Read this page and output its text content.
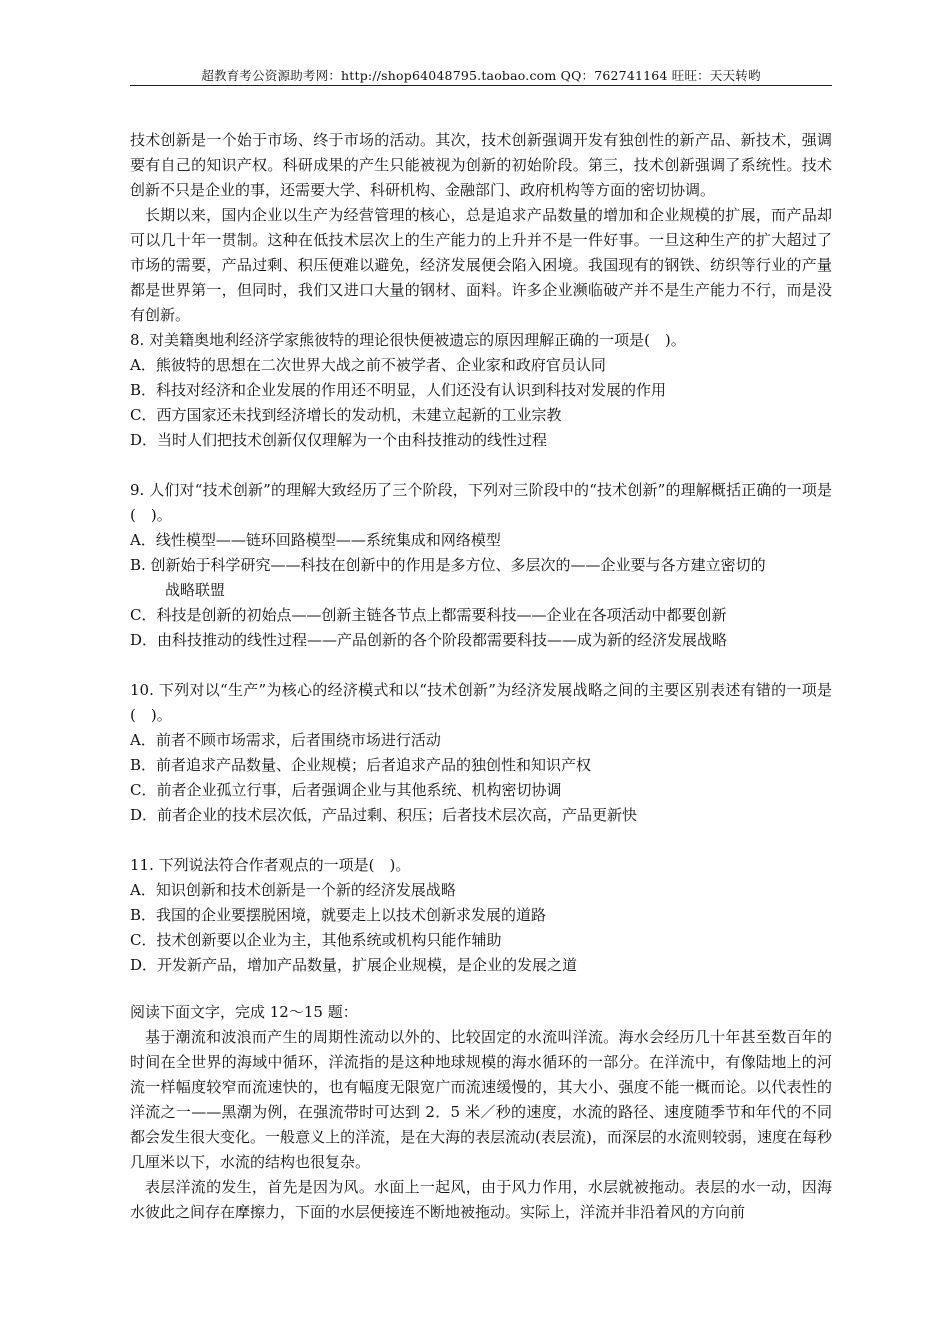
超教育考公资源助考网：http://shop64048795.taobao.com QQ：762741164 旺旺：天天转哟

技术创新是一个始于市场、终于市场的活动。其次，技术创新强调开发有独创性的新产品、新技术，强调要有自己的知识产权。科研成果的产生只能被视为创新的初始阶段。第三，技术创新强调了系统性。技术创新不只是企业的事，还需要大学、科研机构、金融部门、政府机构等方面的密切协调。

长期以来，国内企业以生产为经营管理的核心，总是追求产品数量的增加和企业规模的扩展，而产品却可以几十年一贯制。这种在低技术层次上的生产能力的上升并不是一件好事。一旦这种生产的扩大超过了市场的需要，产品过剩、积压便难以避免，经济发展便会陷入困境。我国现有的钢铁、纺织等行业的产量都是世界第一，但同时，我们又进口大量的钢材、面料。许多企业濒临破产并不是生产能力不行，而是没有创新。

8. 对美籍奥地利经济学家熊彼特的理论很快便被遗忘的原因理解正确的一项是(　)。

A．熊彼特的思想在二次世界大战之前不被学者、企业家和政府官员认同

B．科技对经济和企业发展的作用还不明显，人们还没有认识到科技对发展的作用

C．西方国家还未找到经济增长的发动机，未建立起新的工业宗教

D．当时人们把技术创新仅仅理解为一个由科技推动的线性过程

9. 人们对“技术创新”的理解大致经历了三个阶段，下列对三阶段中的“技术创新”的理解概括正确的一项是(　)。

A．线性模型——链环回路模型——系统集成和网络模型

B. 创新始于科学研究——科技在创新中的作用是多方位、多层次的——企业要与各方建立密切的

战略联盟

C．科技是创新的初始点——创新主链各节点上都需要科技——企业在各项活动中都要创新

D．由科技推动的线性过程——产品创新的各个阶段都需要科技——成为新的经济发展战略

10. 下列对以“生产”为核心的经济模式和以“技术创新”为经济发展战略之间的主要区别表述有错的一项是(　)。

A．前者不顾市场需求，后者围绕市场进行活动

B．前者追求产品数量、企业规模；后者追求产品的独创性和知识产权

C．前者企业孤立行事，后者强调企业与其他系统、机构密切协调

D．前者企业的技术层次低，产品过剩、积压；后者技术层次高，产品更新快

11. 下列说法符合作者观点的一项是(　)。

A．知识创新和技术创新是一个新的经济发展战略

B．我国的企业要摆脱困境，就要走上以技术创新求发展的道路

C．技术创新要以企业为主，其他系统或机构只能作辅助

D．开发新产品，增加产品数量，扩展企业规模，是企业的发展之道

阅读下面文字，完成 12～15 题：

基于潮流和波浪而产生的周期性流动以外的、比较固定的水流叫洋流。海水会经历几十年甚至数百年的时间在全世界的海域中循环，洋流指的是这种地球规模的海水循环的一部分。在洋流中，有像陆地上的河流一样幅度较窄而流速快的，也有幅度无限宽广而流速缓慢的，其大小、强度不能一概而论。以代表性的洋流之一——黑潮为例，在强流带时可达到 2．5 米／秒的速度，水流的路径、速度随季节和年代的不同都会发生很大变化。一般意义上的洋流，是在大海的表层流动(表层流)，而深层的水流则较弱，速度在每秒几厘米以下，水流的结构也很复杂。

表层洋流的发生，首先是因为风。水面上一起风，由于风力作用，水层就被拖动。表层的水一动，因海水彼此之间存在摩擦力，下面的水层便接连不断地被拖动。实际上，洋流并非沿着风的方向前
